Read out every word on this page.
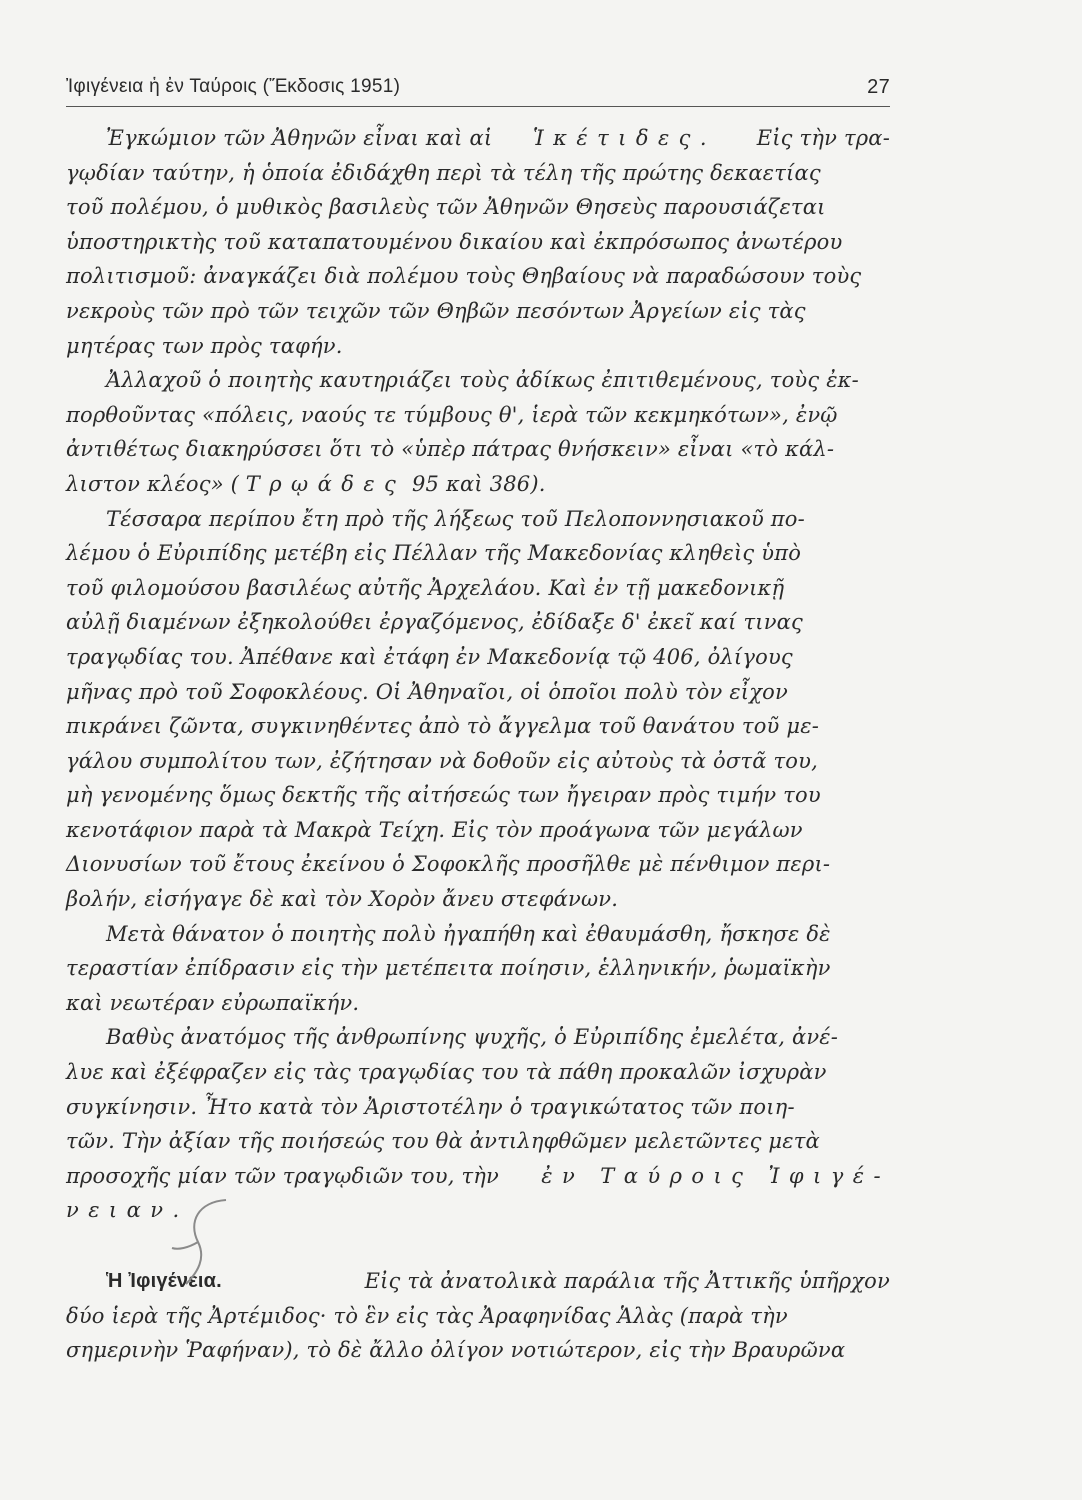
Ἰφιγένεια ἡ ἐν Ταύροις (Ἔκδοσις 1951)	27
Ἐγκώμιον τῶν Ἀθηνῶν εἶναι καὶ αἱ Ἱκέτιδες. Εἰς τὴν τρα-
γῳδίαν ταύτην, ἡ ὁποία ἐδιδάχθη περὶ τὰ τέλη τῆς πρώτης δεκαετίας
τοῦ πολέμου, ὁ μυθικὸς βασιλεὺς τῶν Ἀθηνῶν Θησεὺς παρουσιάζεται
ὑποστηρικτὴς τοῦ καταπατουμένου δικαίου καὶ ἐκπρόσωπος ἀνωτέρου
πολιτισμοῦ: ἀναγκάζει διὰ πολέμου τοὺς Θηβαίους νὰ παραδώσουν τοὺς
νεκροὺς τῶν πρὸ τῶν τειχῶν τῶν Θηβῶν πεσόντων Ἀργείων εἰς τὰς
μητέρας των πρὸς ταφήν.
Ἀλλαχοῦ ὁ ποιητὴς καυτηριάζει τοὺς ἀδίκως ἐπιτιθεμένους, τοὺς ἐκ-
πορθοῦντας «πόλεις, ναούς τε τύμβους θ', ἱερὰ τῶν κεκμηκότων», ἐνῷ
ἀντιθέτως διακηρύσσει ὅτι τὸ «ὑπὲρ πάτρας θνήσκειν» εἶναι «τὸ κάλ-
λιστον κλέος» ( Τρῳάδες 95 καὶ 386).
Τέσσαρα περίπου ἔτη πρὸ τῆς λήξεως τοῦ Πελοποννησιακοῦ πο-
λέμου ὁ Εὐριπίδης μετέβη εἰς Πέλλαν τῆς Μακεδονίας κληθεὶς ὑπὸ
τοῦ φιλομούσου βασιλέως αὐτῆς Ἀρχελάου. Καὶ ἐν τῇ μακεδονικῇ
αὐλῇ διαμένων ἐξηκολούθει ἐργαζόμενος, ἐδίδαξε δ' ἐκεῖ καί τινας
τραγῳδίας του. Ἀπέθανε καὶ ἐτάφη ἐν Μακεδονίᾳ τῷ 406, ὀλίγους
μῆνας πρὸ τοῦ Σοφοκλέους. Οἱ Ἀθηναῖοι, οἱ ὁποῖοι πολὺ τὸν εἶχον
πικράνει ζῶντα, συγκινηθέντες ἀπὸ τὸ ἄγγελμα τοῦ θανάτου τοῦ με-
γάλου συμπολίτου των, ἐζήτησαν νὰ δοθοῦν εἰς αὐτοὺς τὰ ὀστᾶ του,
μὴ γενομένης ὅμως δεκτῆς τῆς αἰτήσεώς των ἤγειραν πρὸς τιμήν του
κενοτάφιον παρὰ τὰ Μακρὰ Τείχη. Εἰς τὸν προάγωνα τῶν μεγάλων
Διονυσίων τοῦ ἔτους ἐκείνου ὁ Σοφοκλῆς προσῆλθε μὲ πένθιμον περι-
βολήν, εἰσήγαγε δὲ καὶ τὸν Χορὸν ἄνευ στεφάνων.
Μετὰ θάνατον ὁ ποιητὴς πολὺ ἠγαπήθη καὶ ἐθαυμάσθη, ἤσκησε δὲ
τεραστίαν ἐπίδρασιν εἰς τὴν μετέπειτα ποίησιν, ἑλληνικήν, ῥωμαϊκὴν
καὶ νεωτέραν εὐρωπαϊκήν.
Βαθὺς ἀνατόμος τῆς ἀνθρωπίνης ψυχῆς, ὁ Εὐριπίδης ἐμελέτα, ἀνέ-
λυε καὶ ἐξέφραζεν εἰς τὰς τραγῳδίας του τὰ πάθη προκαλῶν ἰσχυρὰν
συγκίνησιν. Ἦτο κατὰ τὸν Ἀριστοτέλην ὁ τραγικώτατος τῶν ποιη-
τῶν. Τὴν ἀξίαν τῆς ποιήσεώς του θὰ ἀντιληφθῶμεν μελετῶντες μετὰ
προσοχῆς μίαν τῶν τραγῳδιῶν του, τὴν ἐν Ταύροις Ἰφιγέ-
νειαν.
Ἡ Ἰφιγένεια.	Εἰς τὰ ἀνατολικὰ παράλια τῆς Ἀττικῆς ὑπῆρχον
δύο ἱερὰ τῆς Ἀρτέμιδος· τὸ ἓν εἰς τὰς Ἀραφηνίδας Ἁλὰς (παρὰ τὴν
σημερινὴν Ῥαφήναν), τὸ δὲ ἄλλο ὀλίγον νοτιώτερον, εἰς τὴν Βραυρῶνα
